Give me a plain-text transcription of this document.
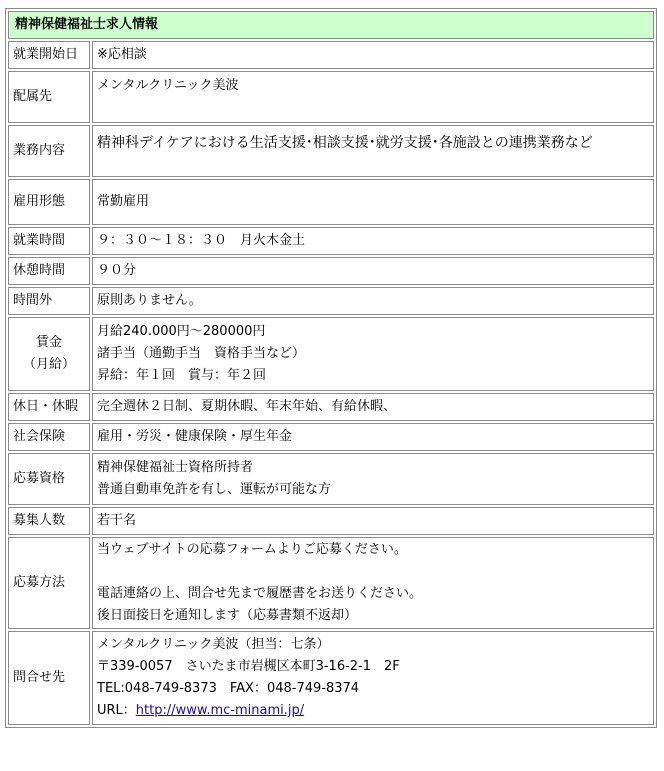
精神保健福祉士求人情報	
就業開始日	※応相談
配属先	メンタルクリニック美波
業務内容	精神科デイケアにおける生活支援･相談支援･就労支援･各施設との連携業務など
雇用形態	常勤雇用
就業時間	９：３０〜１８：３０　月火木金土
休憩時間	９０分
時間外	原則ありません。

賃金
（月給）	月給240.000円〜280000円
諸手当（通勤手当　資格手当など）
昇給：年１回　賞与：年２回

休日・休暇	完全週休２日制、夏期休暇、年末年始、有給休暇、
社会保険	雇用・労災・健康保険・厚生年金
応募資格	精神保健福祉士資格所持者
普通自動車免許を有し、運転が可能な方

募集人数	若干名
応募方法	当ウェブサイトの応募フォームよりご応募ください。
電話連絡の上、問合せ先まで履歴書をお送りください。
後日面接日を通知します（応募書類不返却）

問合せ先	メンタルクリニック美波（担当：七条）
〒339-0057　さいたま市岩槻区本町3-16-2-1　2F
TEL:048-749-8373　FAX：048-749-8374
URL：http://www.mc-minami.jp/
